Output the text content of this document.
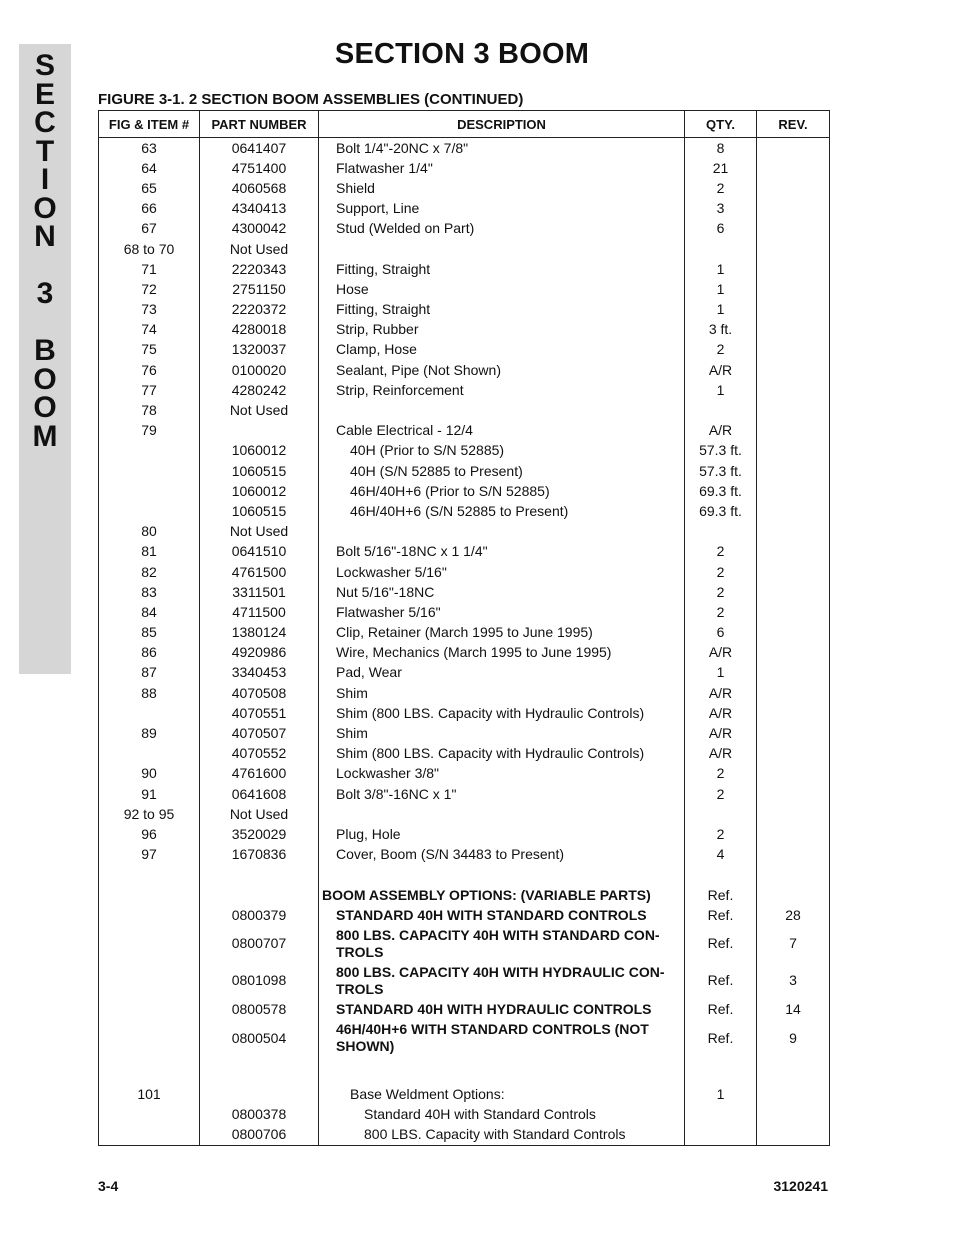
S
E
C
T
I
O
N
3
B
O
O
M
SECTION 3 BOOM
FIGURE 3-1. 2 SECTION BOOM ASSEMBLIES (CONTINUED)
FIG & ITEM #	PART NUMBER	DESCRIPTION	QTY.	REV.
63	0641407	Bolt 1/4"-20NC x 7/8"	8	
64	4751400	Flatwasher 1/4"	21	
65	4060568	Shield	2	
66	4340413	Support, Line	3	
67	4300042	Stud (Welded on Part)	6	
68 to 70	Not Used			
71	2220343	Fitting, Straight	1	
72	2751150	Hose	1	
73	2220372	Fitting, Straight	1	
74	4280018	Strip, Rubber	3 ft.	
75	1320037	Clamp, Hose	2	
76	0100020	Sealant, Pipe (Not Shown)	A/R	
77	4280242	Strip, Reinforcement	1	
78	Not Used			
79		Cable Electrical - 12/4	A/R	
	1060012	40H (Prior to S/N 52885)	57.3 ft.	
	1060515	40H (S/N 52885 to Present)	57.3 ft.	
	1060012	46H/40H+6 (Prior to S/N 52885)	69.3 ft.	
	1060515	46H/40H+6 (S/N 52885 to Present)	69.3 ft.	
80	Not Used			
81	0641510	Bolt 5/16"-18NC x 1 1/4"	2	
82	4761500	Lockwasher 5/16"	2	
83	3311501	Nut 5/16"-18NC	2	
84	4711500	Flatwasher 5/16"	2	
85	1380124	Clip, Retainer (March 1995 to June 1995)	6	
86	4920986	Wire, Mechanics (March 1995 to June 1995)	A/R	
87	3340453	Pad, Wear	1	
88	4070508	Shim	A/R	
	4070551	Shim (800 LBS. Capacity with Hydraulic Controls)	A/R	
89	4070507	Shim	A/R	
	4070552	Shim (800 LBS. Capacity with Hydraulic Controls)	A/R	
90	4761600	Lockwasher 3/8"	2	
91	0641608	Bolt 3/8"-16NC x 1"	2	
92 to 95	Not Used			
96	3520029	Plug, Hole	2	
97	1670836	Cover, Boom (S/N 34483 to Present)	4	

		BOOM ASSEMBLY OPTIONS: (VARIABLE PARTS)	Ref.	
	0800379	STANDARD 40H WITH STANDARD CONTROLS	Ref.	28
	0800707	800 LBS. CAPACITY 40H WITH STANDARD CON-TROLS	Ref.	7
	0801098	800 LBS. CAPACITY 40H WITH HYDRAULIC CON-TROLS	Ref.	3
	0800578	STANDARD 40H WITH HYDRAULIC CONTROLS	Ref.	14
	0800504	46H/40H+6 WITH STANDARD CONTROLS (NOT SHOWN)	Ref.	9

101		Base Weldment Options:	1	
	0800378	Standard 40H with Standard Controls		
	0800706	800 LBS. Capacity with Standard Controls		
3-4	3120241
